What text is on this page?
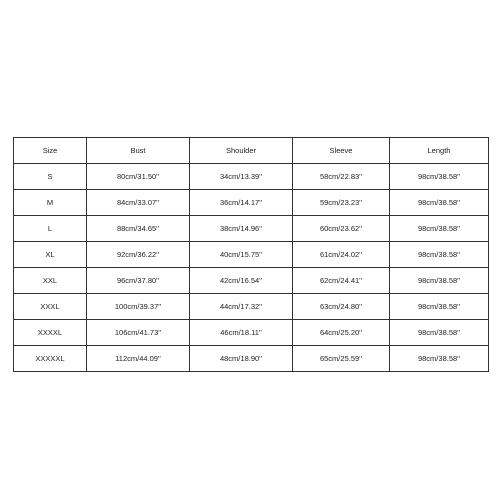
Size	Bust	Shoulder	Sleeve	Length
S	80cm/31.50''	34cm/13.39''	58cm/22.83''	98cm/38.58''
M	84cm/33.07''	36cm/14.17''	59cm/23.23''	98cm/38.58''
L	88cm/34.65''	38cm/14.96''	60cm/23.62''	98cm/38.58''
XL	92cm/36.22''	40cm/15.75''	61cm/24.02''	98cm/38.58''
XXL	96cm/37.80''	42cm/16.54''	62cm/24.41''	98cm/38.58''
XXXL	100cm/39.37''	44cm/17.32''	63cm/24.80''	98cm/38.58''
XXXXL	106cm/41.73''	46cm/18.11''	64cm/25.20''	98cm/38.58''
XXXXXL	112cm/44.09''	48cm/18.90''	65cm/25.59''	98cm/38.58''
